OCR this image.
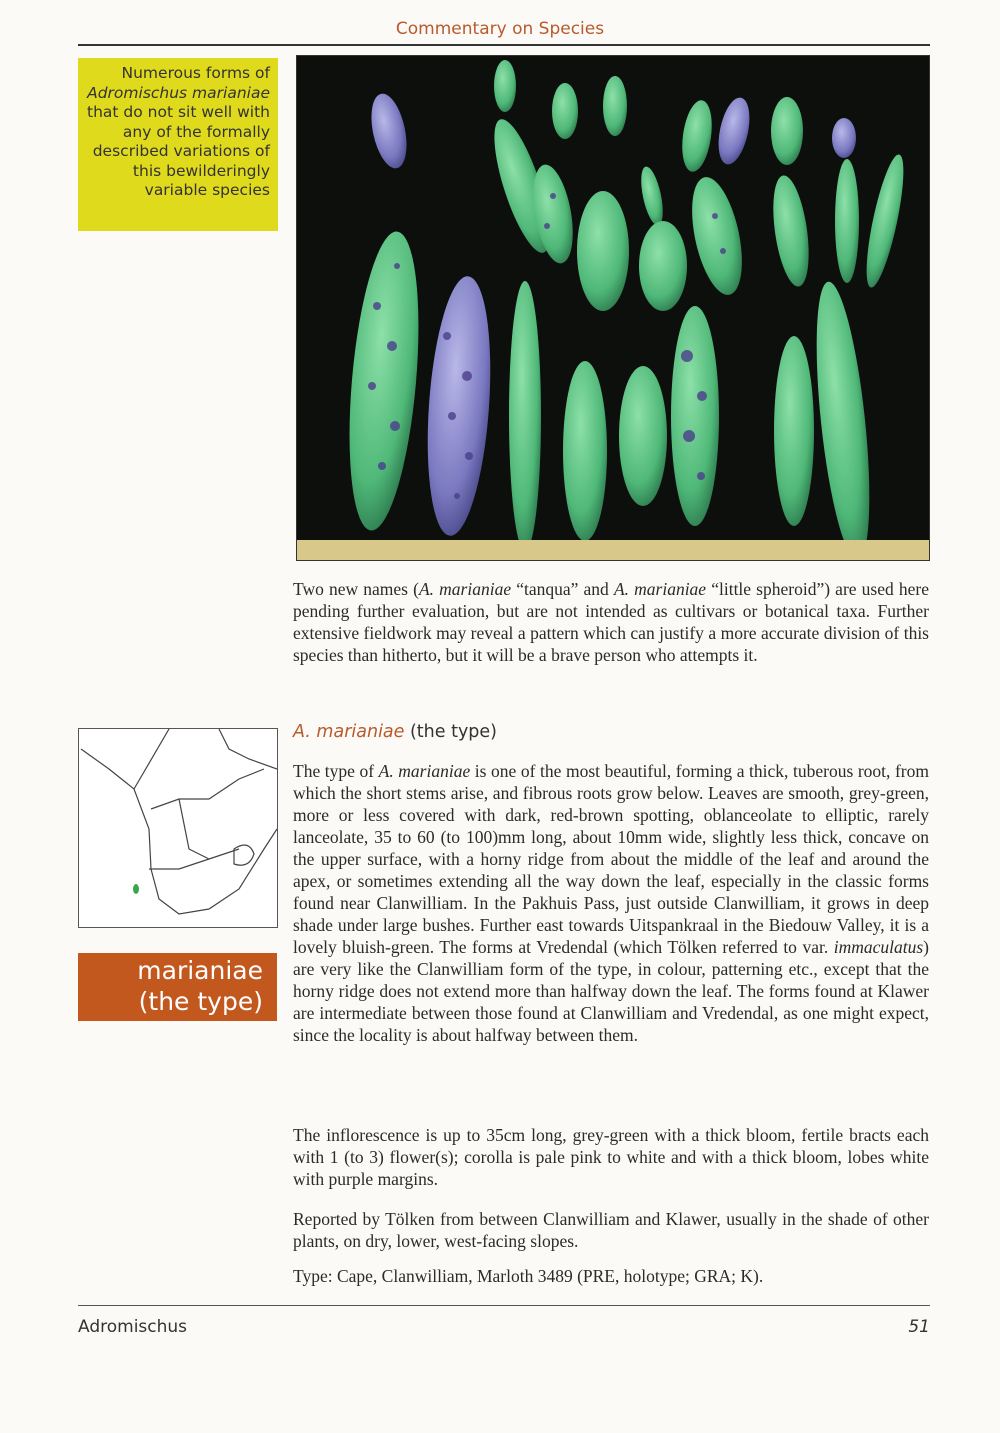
Commentary on Species
Numerous forms of
Adromischus marianiae that do not sit well with any of the formally described variations of this bewilderingly variable species
Two new names (A. marianiae “tanqua” and A. marianiae “little spheroid”) are used here pending further evaluation, but are not intended as cultivars or botanical taxa. Further extensive fieldwork may reveal a pattern which can justify a more accurate division of this species than hitherto, but it will be a brave person who attempts it.
A. marianiae (the type)
marianiae
(the type)
The type of A. marianiae is one of the most beautiful, forming a thick, tuberous root, from which the short stems arise, and fibrous roots grow below. Leaves are smooth, grey-green, more or less covered with dark, red-brown spotting, oblanceolate to elliptic, rarely lanceolate, 35 to 60 (to 100)mm long, about 10mm wide, slightly less thick, concave on the upper surface, with a horny ridge from about the middle of the leaf and around the apex, or sometimes extending all the way down the leaf, especially in the classic forms found near Clanwilliam. In the Pakhuis Pass, just outside Clanwilliam, it grows in deep shade under large bushes. Further east towards Uitspankraal in the Biedouw Valley, it is a lovely bluish-green. The forms at Vredendal (which Tölken referred to var. immaculatus) are very like the Clanwilliam form of the type, in colour, patterning etc., except that the horny ridge does not extend more than halfway down the leaf. The forms found at Klawer are intermediate between those found at Clanwilliam and Vredendal, as one might expect, since the locality is about halfway between them.
The inflorescence is up to 35cm long, grey-green with a thick bloom, fertile bracts each with 1 (to 3) flower(s); corolla is pale pink to white and with a thick bloom, lobes white with purple margins.
Reported by Tölken from between Clanwilliam and Klawer, usually in the shade of other plants, on dry, lower, west-facing slopes.
Type: Cape, Clanwilliam, Marloth 3489 (PRE, holotype; GRA; K).
Adromischus	51
